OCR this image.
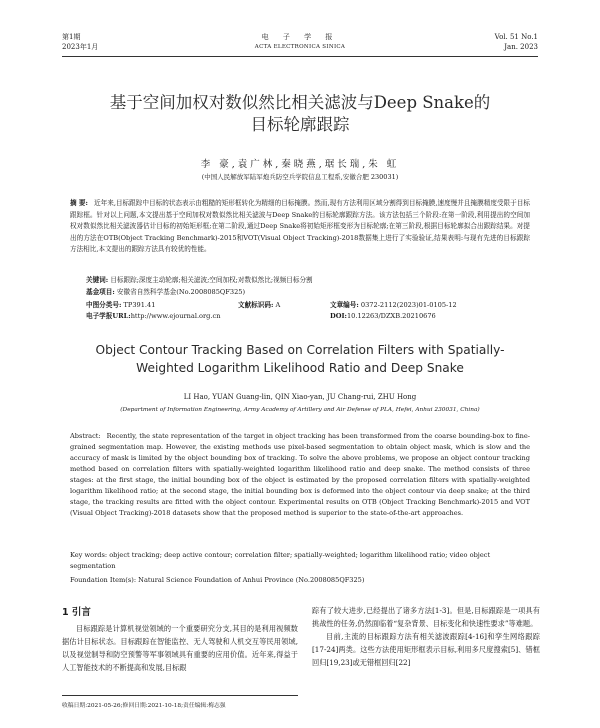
第1期
2023年1月
电 子 学 报
ACTA ELECTRONICA SINICA
Vol. 51 No.1
Jan. 2023
基于空间加权对数似然比相关滤波与Deep Snake的
目标轮廓跟踪
李 豪,袁广林,秦晓燕,琚长瑞,朱 虹
(中国人民解放军陆军炮兵防空兵学院信息工程系,安徽合肥 230031)
摘 要: 近年来,目标跟踪中目标的状态表示由粗糙的矩形框转化为精细的目标掩膜。然而,现有方法利用区域分割得到目标掩膜,速度慢并且掩膜精度受限于目标跟踪框。针对以上问题,本文提出基于空间加权对数似然比相关滤波与Deep Snake的目标轮廓跟踪方法。该方法包括三个阶段:在第一阶段,利用提出的空间加权对数似然比相关滤波器估计目标的初始矩形框;在第二阶段,通过Deep Snake将初始矩形框变形为目标轮廓;在第三阶段,根据目标轮廓拟合出跟踪结果。对提出的方法在OTB(Object Tracking Benchmark)-2015和VOT(Visual Object Tracking)-2018数据集上进行了实验验证,结果表明:与现有先进的目标跟踪方法相比,本文提出的跟踪方法具有较优的性能。
关键词: 目标跟踪;深度主动轮廓;相关滤波;空间加权;对数似然比;视频目标分割
基金项目: 安徽省自然科学基金(No.2008085QF325)
中图分类号: TP391.41	文献标识码: A	文章编号: 0372-2112(2023)01-0105-12
电子学报URL:http://www.ejournal.org.cn	DOI:10.12263/DZXB.20210676
Object Contour Tracking Based on Correlation Filters with Spatially-
Weighted Logarithm Likelihood Ratio and Deep Snake
LI Hao, YUAN Guang-lin, QIN Xiao-yan, JU Chang-rui, ZHU Hong
(Department of Information Engineering, Army Academy of Artillery and Air Defense of PLA, Hefei, Anhui 230031, China)
Abstract: Recently, the state representation of the target in object tracking has been transformed from the coarse bounding-box to fine-grained segmentation map. However, the existing methods use pixel-based segmentation to obtain object mask, which is slow and the accuracy of mask is limited by the object bounding box of tracking. To solve the above problems, we propose an object contour tracking method based on correlation filters with spatially-weighted logarithm likelihood ratio and deep snake. The method consists of three stages: at the first stage, the initial bounding box of the object is estimated by the proposed correlation filters with spatially-weighted logarithm likelihood ratio; at the second stage, the initial bounding box is deformed into the object contour via deep snake; at the third stage, the tracking results are fitted with the object contour. Experimental results on OTB (Object Tracking Benchmark)-2015 and VOT (Visual Object Tracking)-2018 datasets show that the proposed method is superior to the state-of-the-art approaches.
Key words: object tracking; deep active contour; correlation filter; spatially-weighted; logarithm likelihood ratio; video object segmentation
Foundation Item(s): Natural Science Foundation of Anhui Province (No.2008085QF325)
1 引言
目标跟踪是计算机视觉领域的一个重要研究分支,其目的是利用视频数据估计目标状态。目标跟踪在智能监控、无人驾驶和人机交互等民用领域,以及视觉制导和防空预警等军事领域具有重要的应用价值。近年来,得益于人工智能技术的不断提高和发展,目标跟

踪有了较大进步,已经提出了诸多方法[1-3]。但是,目标跟踪是一项具有挑战性的任务,仍然面临着“复杂背景、目标变化和快速性要求”等难题。

目前,主流的目标跟踪方法有相关滤波跟踪[4-16]和孪生网络跟踪[17-24]两类。这些方法使用矩形框表示目标,利用多尺度搜索[5]、错框回归[19,23]或无错框回归[22]

收稿日期:2021-05-26;修回日期:2021-10-18;责任编辑:梅志强
